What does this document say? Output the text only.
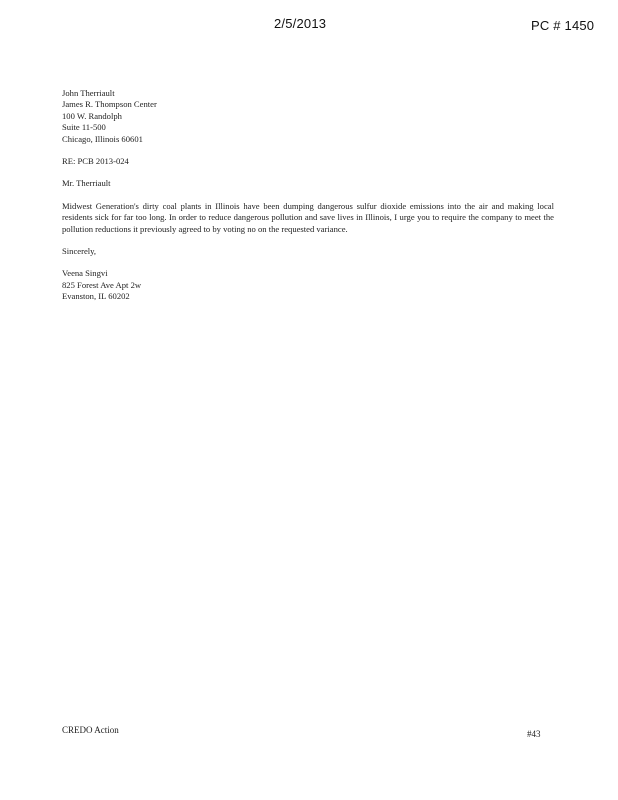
2/5/2013	PC # 1450
John Therriault
James R. Thompson Center
100 W. Randolph
Suite 11-500
Chicago, Illinois 60601
RE: PCB 2013-024
Mr. Therriault

Midwest Generation's dirty coal plants in Illinois have been dumping dangerous sulfur dioxide emissions into the air and making local residents sick for far too long. In order to reduce dangerous pollution and save lives in Illinois, I urge you to require the company to meet the pollution reductions it previously agreed to by voting no on the requested variance.

Sincerely,
Veena Singvi
825 Forest Ave Apt 2w
Evanston, IL 60202
CREDO Action	#43
